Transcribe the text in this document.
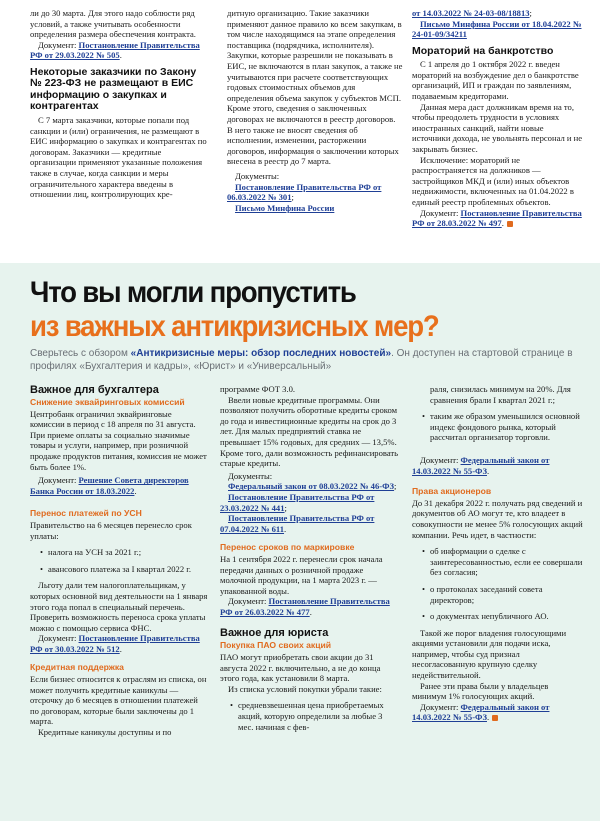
ли до 30 марта. Для этого надо соблюсти ряд условий, а также учитывать особенности определения размера обеспечения контракта.

Документ: Постановление Правительства РФ от 29.03.2022 № 505.

Некоторые заказчики по Закону № 223-ФЗ не размещают в ЕИС информацию о закупках и контрагентах

С 7 марта заказчики, которые попали под санкции и (или) ограничения, не размещают в ЕИС информацию о закупках и контрагентах по договорам. Заказчики — кредитные организации применяют указанные положения также в случае, когда санкции и меры ограничительного характера введены в отношении лиц, контролирующих кре-

дитную организацию. Такие заказчики применяют данное правило ко всем закупкам, в том числе находящимся на этапе определения поставщика (подрядчика, исполнителя). Закупки, которые разрешили не показывать в ЕИС, не включаются в план закупок, а также не учитываются при расчете соответствующих годовых стоимостных объемов для определения объема закупок у субъектов МСП. Кроме этого, сведения о заключенных договорах не включаются в реестр договоров. В него также не вносят сведения об исполнении, изменении, расторжении договоров, информация о заключении которых внесена в реестр до 7 марта.

Документы:

Постановление Правительства РФ от 06.03.2022 № 301;

Письмо Минфина России

от 14.03.2022 № 24-03-08/18813;

Письмо Минфина России от 18.04.2022 № 24-01-09/34211

Мораторий на банкротство

С 1 апреля до 1 октября 2022 г. введен мораторий на возбуждение дел о банкротстве организаций, ИП и граждан по заявлениям, подаваемым кредиторами.

Данная мера даст должникам время на то, чтобы преодолеть трудности в условиях иностранных санкций, найти новые источники дохода, не увольнять персонал и не закрывать бизнес.

Исключение: мораторий не распространяется на должников — застройщиков МКД и (или) иных объектов недвижимости, включенных на 01.04.2022 в единый реестр проблемных объектов.

Документ: Постановление Правительства РФ от 28.03.2022 № 497.

Что вы могли пропустить
из важных антикризисных мер?
Сверьтесь с обзором «Антикризисные меры: обзор последних новостей». Он доступен на стартовой странице в профилях «Бухгалтерия и кадры», «Юрист» и «Универсальный»
Важное для бухгалтера
Снижение эквайринговых комиссий

Центробанк ограничил эквайринговые комиссии в период с 18 апреля по 31 августа. При приеме оплаты за социально значимые товары и услуги, например, при розничной продаже продуктов питания, комиссия не может быть более 1%.

Документ: Решение Совета директоров Банка России от 18.03.2022.

Перенос платежей по УСН

Правительство на 6 месяцев перенесло срок уплаты:

• налога на УСН за 2021 г.;
• авансового платежа за I квартал 2022 г.

Льготу дали тем налогоплательщикам, у которых основной вид деятельности на 1 января этого года попал в специальный перечень. Проверить возможность переноса срока уплаты можно с помощью сервиса ФНС.

Документ: Постановление Правительства РФ от 30.03.2022 № 512.

Кредитная поддержка

Если бизнес относится к отраслям из списка, он может получить кредитные каникулы — отсрочку до 6 месяцев в отношении платежей по договорам, которые были заключены до 1 марта.

Кредитные каникулы доступны и по

программе ФОТ 3.0.

Ввели новые кредитные программы. Они позволяют получить оборотные кредиты сроком до года и инвестиционные кредиты на срок до 3 лет. Для малых предприятий ставка не превышает 15% годовых, для средних — 13,5%. Кроме того, дали возможность рефинансировать старые кредиты.

Документы:

Федеральный закон от 08.03.2022 № 46-ФЗ;

Постановление Правительства РФ от 23.03.2022 № 441;

Постановление Правительства РФ от 07.04.2022 № 611.

Перенос сроков по маркировке

На 1 сентября 2022 г. перенесли срок начала передачи данных о розничной продаже молочной продукции, на 1 марта 2023 г. — упакованной воды.

Документ: Постановление Правительства РФ от 26.03.2022 № 477.

Важное для юриста
Покупка ПАО своих акций

ПАО могут приобретать свои акции до 31 августа 2022 г. включительно, а не до конца этого года, как установили 8 марта.

Из списка условий покупки убрали такие:

• средневзвешенная цена приобретаемых акций, которую определили за любые 3 мес. начиная с фев-

раля, снизилась минимум на 20%. Для сравнения брали I квартал 2021 г.;

• таким же образом уменьшился основной индекс фондового рынка, который рассчитал организатор торговли.

Документ: Федеральный закон от 14.03.2022 № 55-ФЗ.

Права акционеров

До 31 декабря 2022 г. получать ряд сведений и документов об АО могут те, кто владеет в совокупности не менее 5% голосующих акций компании. Речь идет, в частности:

• об информации о сделке с заинтересованностью, если ее совершали без согласия;
• о протоколах заседаний совета директоров;
• о документах непубличного АО.

Такой же порог владения голосующими акциями установили для подачи иска, например, чтобы суд признал несогласованную крупную сделку недействительной.

Ранее эти права были у владельцев минимум 1% голосующих акций.

Документ: Федеральный закон от 14.03.2022 № 55-ФЗ.
